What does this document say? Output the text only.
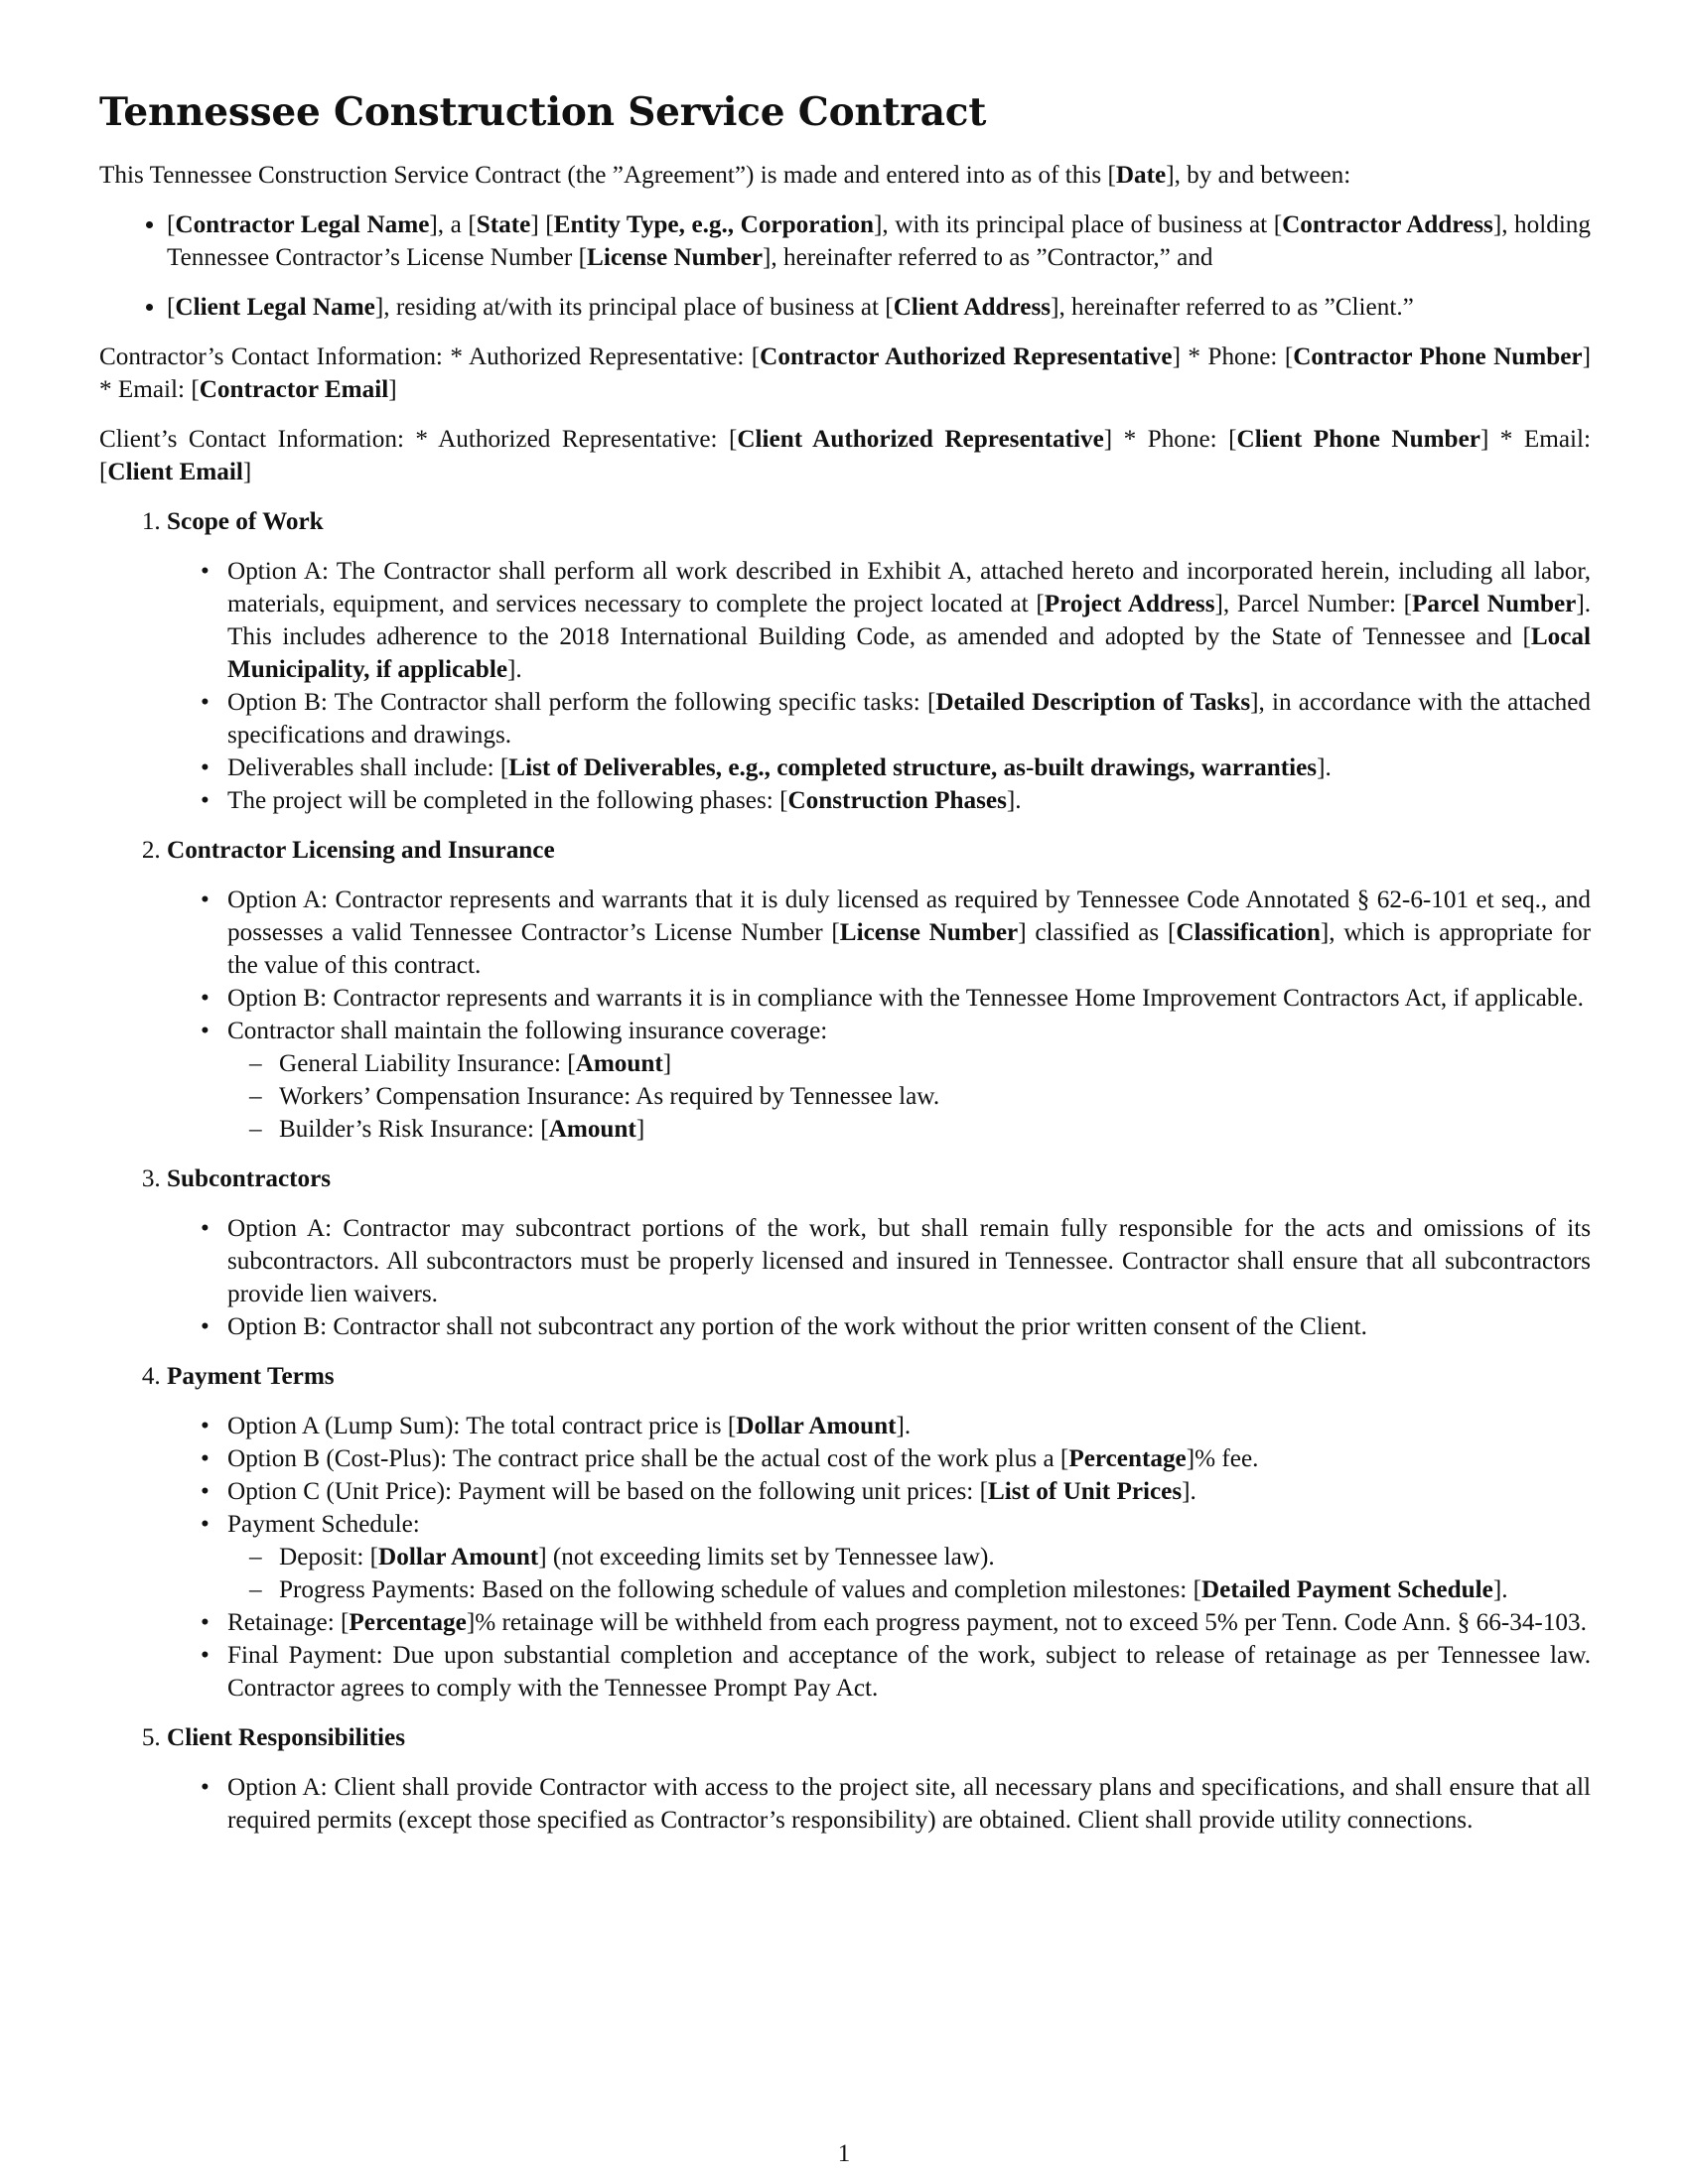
Tennessee Construction Service Contract

This Tennessee Construction Service Contract (the ”Agreement”) is made and entered into as of this [Date], by and between:

• [Contractor Legal Name], a [State] [Entity Type, e.g., Corporation], with its principal place of business at [Contractor Address], holding Tennessee Contractor’s License Number [License Number], hereinafter referred to as ”Contractor,” and
• [Client Legal Name], residing at/with its principal place of business at [Client Address], hereinafter referred to as ”Client.”

Contractor’s Contact Information: * Authorized Representative: [Contractor Authorized Representative] * Phone: [Contractor Phone Number] * Email: [Contractor Email]

Client’s Contact Information: * Authorized Representative: [Client Authorized Representative] * Phone: [Client Phone Number] * Email: [Client Email]

1. Scope of Work
• Option A: The Contractor shall perform all work described in Exhibit A, attached hereto and incorporated herein, including all labor, materials, equipment, and services necessary to complete the project located at [Project Address], Parcel Number: [Parcel Number]. This includes adherence to the 2018 International Building Code, as amended and adopted by the State of Tennessee and [Local Municipality, if applicable].
• Option B: The Contractor shall perform the following specific tasks: [Detailed Description of Tasks], in accordance with the attached specifications and drawings.
• Deliverables shall include: [List of Deliverables, e.g., completed structure, as-built drawings, warranties].
• The project will be completed in the following phases: [Construction Phases].
2. Contractor Licensing and Insurance
• Option A: Contractor represents and warrants that it is duly licensed as required by Tennessee Code Annotated § 62-6-101 et seq., and possesses a valid Tennessee Contractor’s License Number [License Number] classified as [Classification], which is appropriate for the value of this contract.
• Option B: Contractor represents and warrants it is in compliance with the Tennessee Home Improvement Contractors Act, if applicable.
• Contractor shall maintain the following insurance coverage:
– General Liability Insurance: [Amount]
– Workers’ Compensation Insurance: As required by Tennessee law.
– Builder’s Risk Insurance: [Amount]
3. Subcontractors
• Option A: Contractor may subcontract portions of the work, but shall remain fully responsible for the acts and omissions of its subcontractors. All subcontractors must be properly licensed and insured in Tennessee. Contractor shall ensure that all subcontractors provide lien waivers.
• Option B: Contractor shall not subcontract any portion of the work without the prior written consent of the Client.
4. Payment Terms
• Option A (Lump Sum): The total contract price is [Dollar Amount].
• Option B (Cost-Plus): The contract price shall be the actual cost of the work plus a [Percentage]% fee.
• Option C (Unit Price): Payment will be based on the following unit prices: [List of Unit Prices].
• Payment Schedule:
– Deposit: [Dollar Amount] (not exceeding limits set by Tennessee law).
– Progress Payments: Based on the following schedule of values and completion milestones: [Detailed Payment Schedule].
• Retainage: [Percentage]% retainage will be withheld from each progress payment, not to exceed 5% per Tenn. Code Ann. § 66-34-103.
• Final Payment: Due upon substantial completion and acceptance of the work, subject to release of retainage as per Tennessee law. Contractor agrees to comply with the Tennessee Prompt Pay Act.
5. Client Responsibilities
• Option A: Client shall provide Contractor with access to the project site, all necessary plans and specifications, and shall ensure that all required permits (except those specified as Contractor’s responsibility) are obtained. Client shall provide utility connections.
1
